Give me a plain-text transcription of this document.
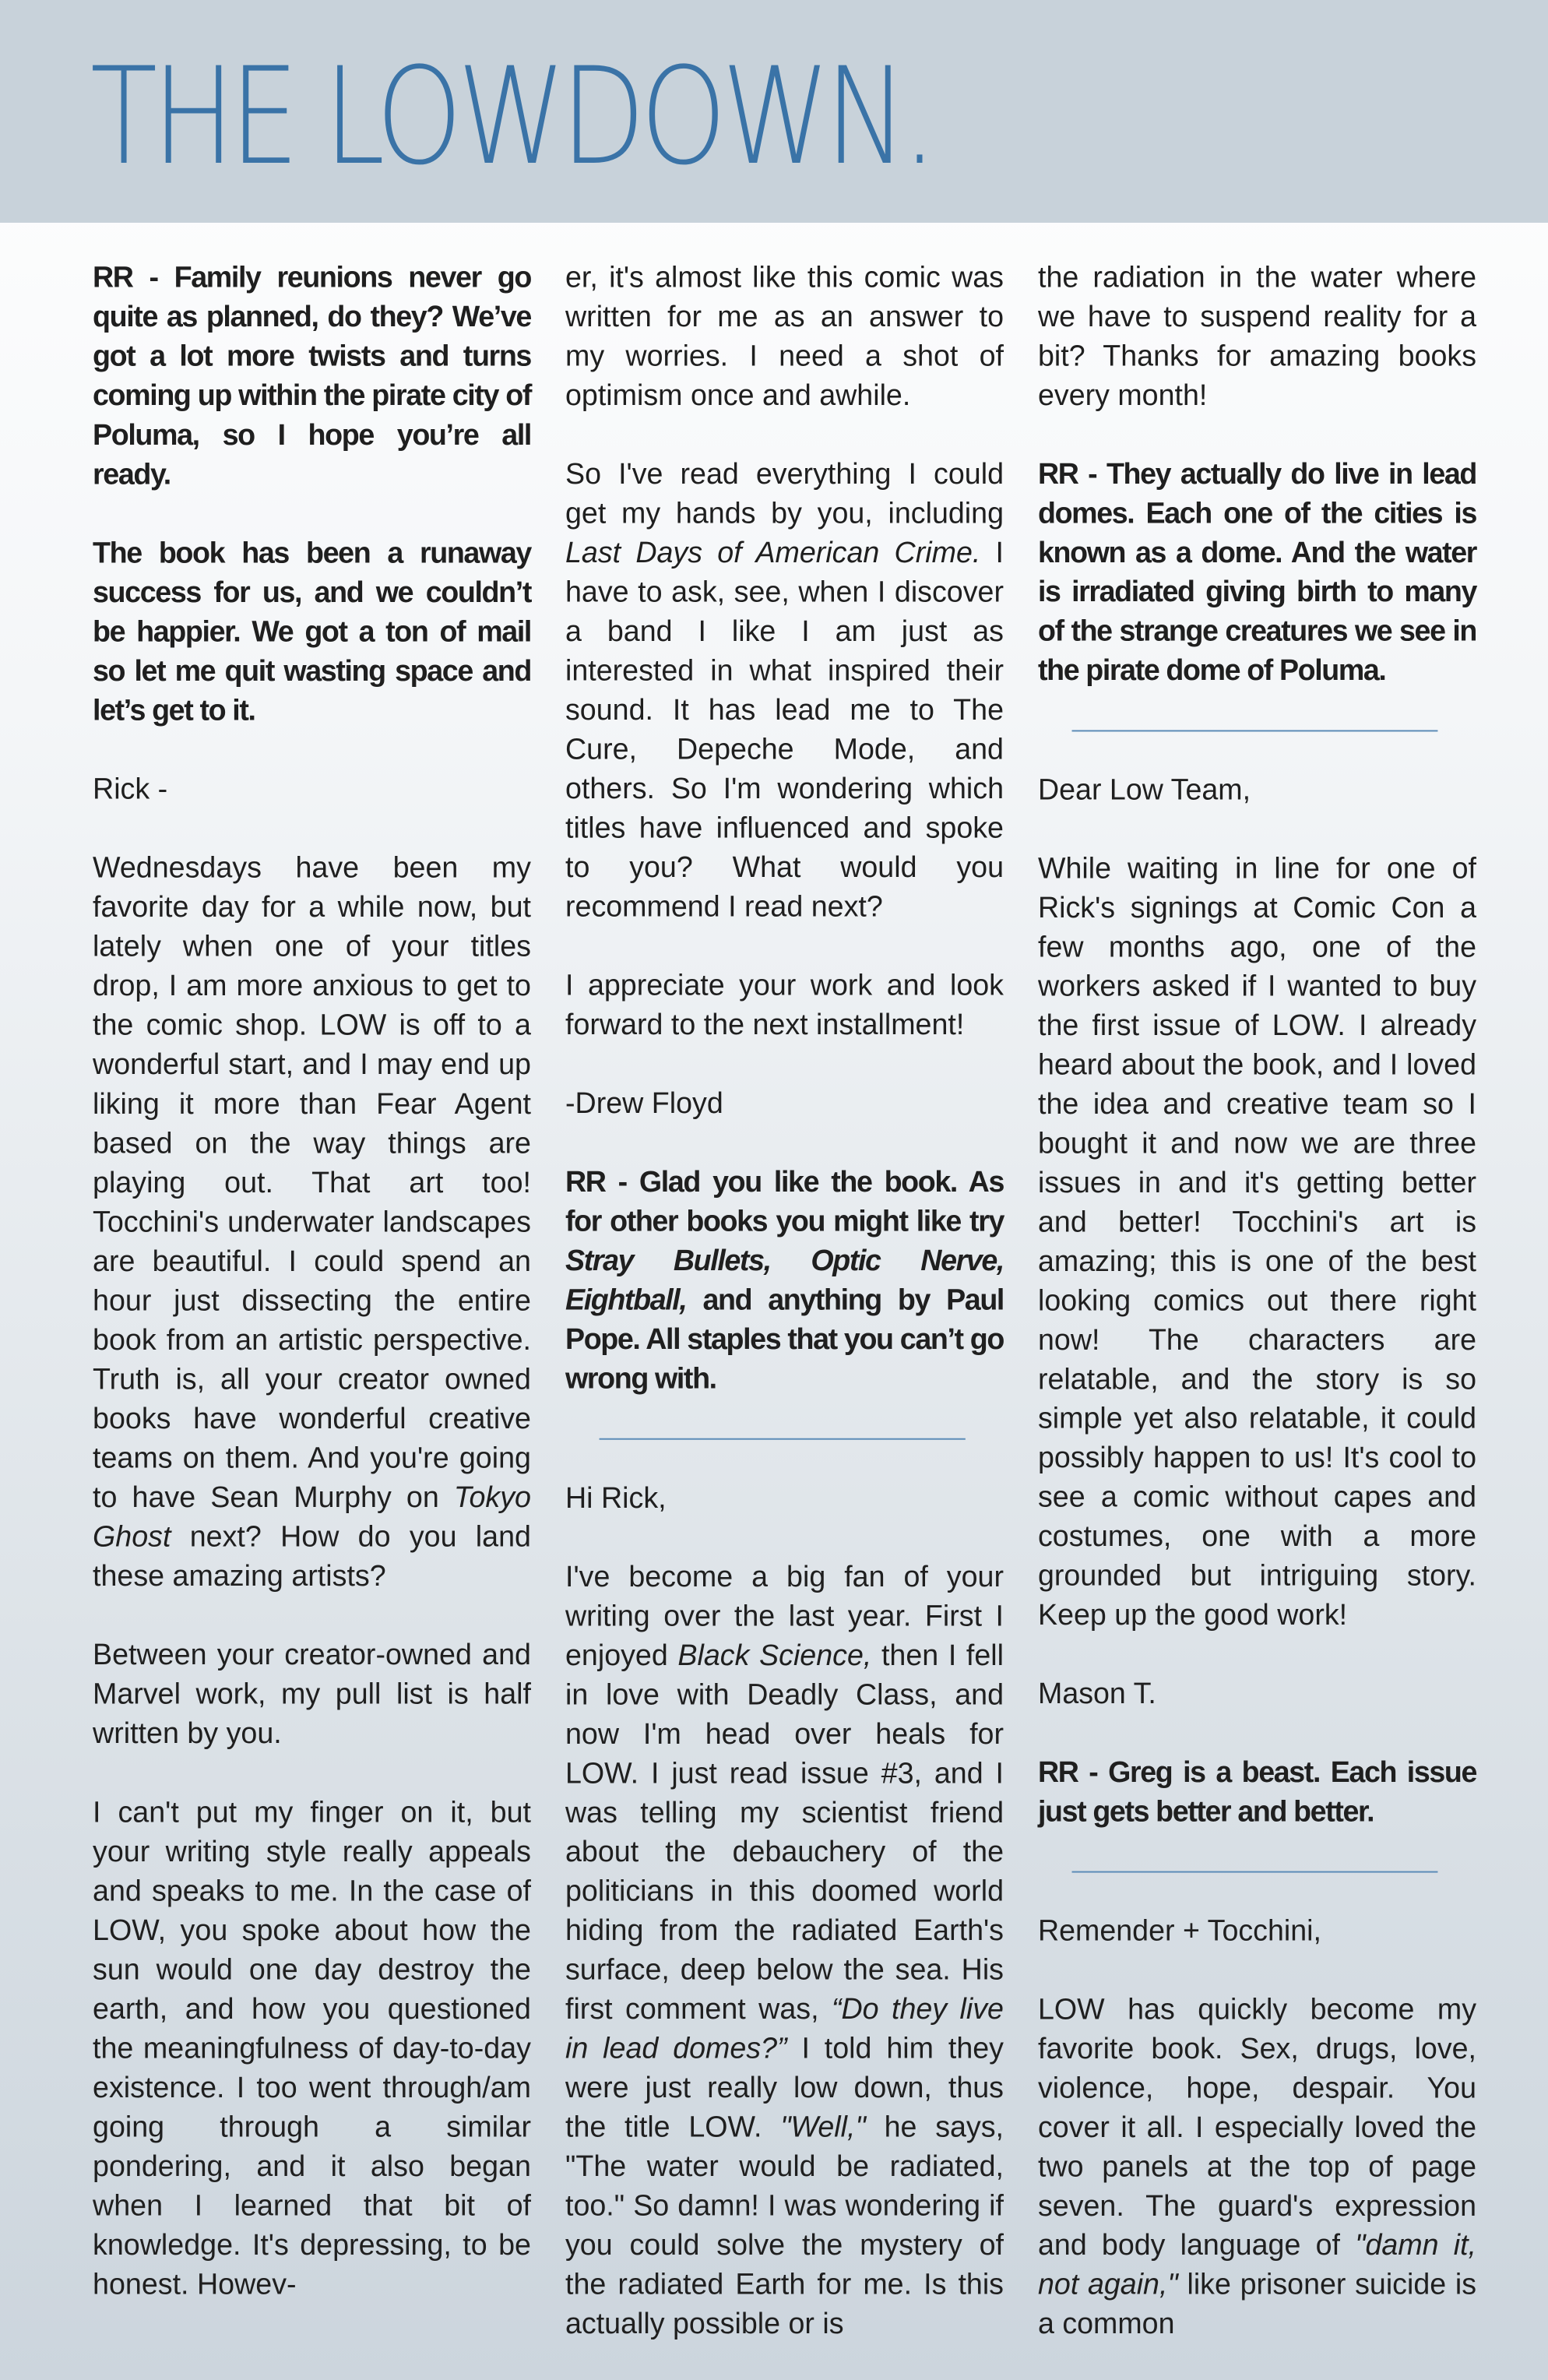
THE LOWDOWN.

RR - Family reunions never go quite as planned, do they? We’ve got a lot more twists and turns coming up within the pirate city of Poluma, so I hope you’re all ready.

The book has been a runaway success for us, and we couldn’t be happier. We got a ton of mail so let me quit wasting space and let’s get to it.

Rick -

Wednesdays have been my favorite day for a while now, but lately when one of your titles drop, I am more anxious to get to the comic shop. LOW is off to a wonderful start, and I may end up liking it more than Fear Agent based on the way things are playing out. That art too! Tocchini's underwater landscapes are beautiful. I could spend an hour just dissecting the entire book from an artistic perspective. Truth is, all your creator owned books have wonderful creative teams on them. And you're going to have Sean Murphy on Tokyo Ghost next? How do you land these amazing artists?

Between your creator-owned and Marvel work, my pull list is half written by you.

I can't put my finger on it, but your writing style really appeals and speaks to me. In the case of LOW, you spoke about how the sun would one day destroy the earth, and how you questioned the meaningfulness of day-to-day existence. I too went through/am going through a similar pondering, and it also began when I learned that bit of knowledge. It's depressing, to be honest. Howev-

er, it's almost like this comic was written for me as an answer to my worries. I need a shot of optimism once and awhile.

So I've read everything I could get my hands by you, including Last Days of American Crime. I have to ask, see, when I discover a band I like I am just as interested in what inspired their sound. It has lead me to The Cure, Depeche Mode, and others. So I'm wondering which titles have influenced and spoke to you? What would you recommend I read next?

I appreciate your work and look forward to the next installment!

-Drew Floyd

RR - Glad you like the book. As for other books you might like try Stray Bullets, Optic Nerve, Eightball, and anything by Paul Pope. All staples that you can’t go wrong with.

Hi Rick,

I've become a big fan of your writing over the last year. First I enjoyed Black Science, then I fell in love with Deadly Class, and now I'm head over heals for LOW. I just read issue #3, and I was telling my scientist friend about the debauchery of the politicians in this doomed world hiding from the radiated Earth's surface, deep below the sea. His first comment was, “Do they live in lead domes?” I told him they were just really low down, thus the title LOW. "Well," he says, "The water would be radiated, too." So damn! I was wondering if you could solve the mystery of the radiated Earth for me. Is this actually possible or is

the radiation in the water where we have to suspend reality for a bit? Thanks for amazing books every month!

RR - They actually do live in lead domes. Each one of the cities is known as a dome. And the water is irradiated giving birth to many of the strange creatures we see in the pirate dome of Poluma.

Dear Low Team,

While waiting in line for one of Rick's signings at Comic Con a few months ago, one of the workers asked if I wanted to buy the first issue of LOW. I already heard about the book, and I loved the idea and creative team so I bought it and now we are three issues in and it's getting better and better! Tocchini's art is amazing; this is one of the best looking comics out there right now! The characters are relatable, and the story is so simple yet also relatable, it could possibly happen to us! It's cool to see a comic without capes and costumes, one with a more grounded but intriguing story. Keep up the good work!

Mason T.

RR - Greg is a beast. Each issue just gets better and better.

Remender + Tocchini,

LOW has quickly become my favorite book. Sex, drugs, love, violence, hope, despair. You cover it all. I especially loved the two panels at the top of page seven. The guard's expression and body language of "damn it, not again," like prisoner suicide is a common
